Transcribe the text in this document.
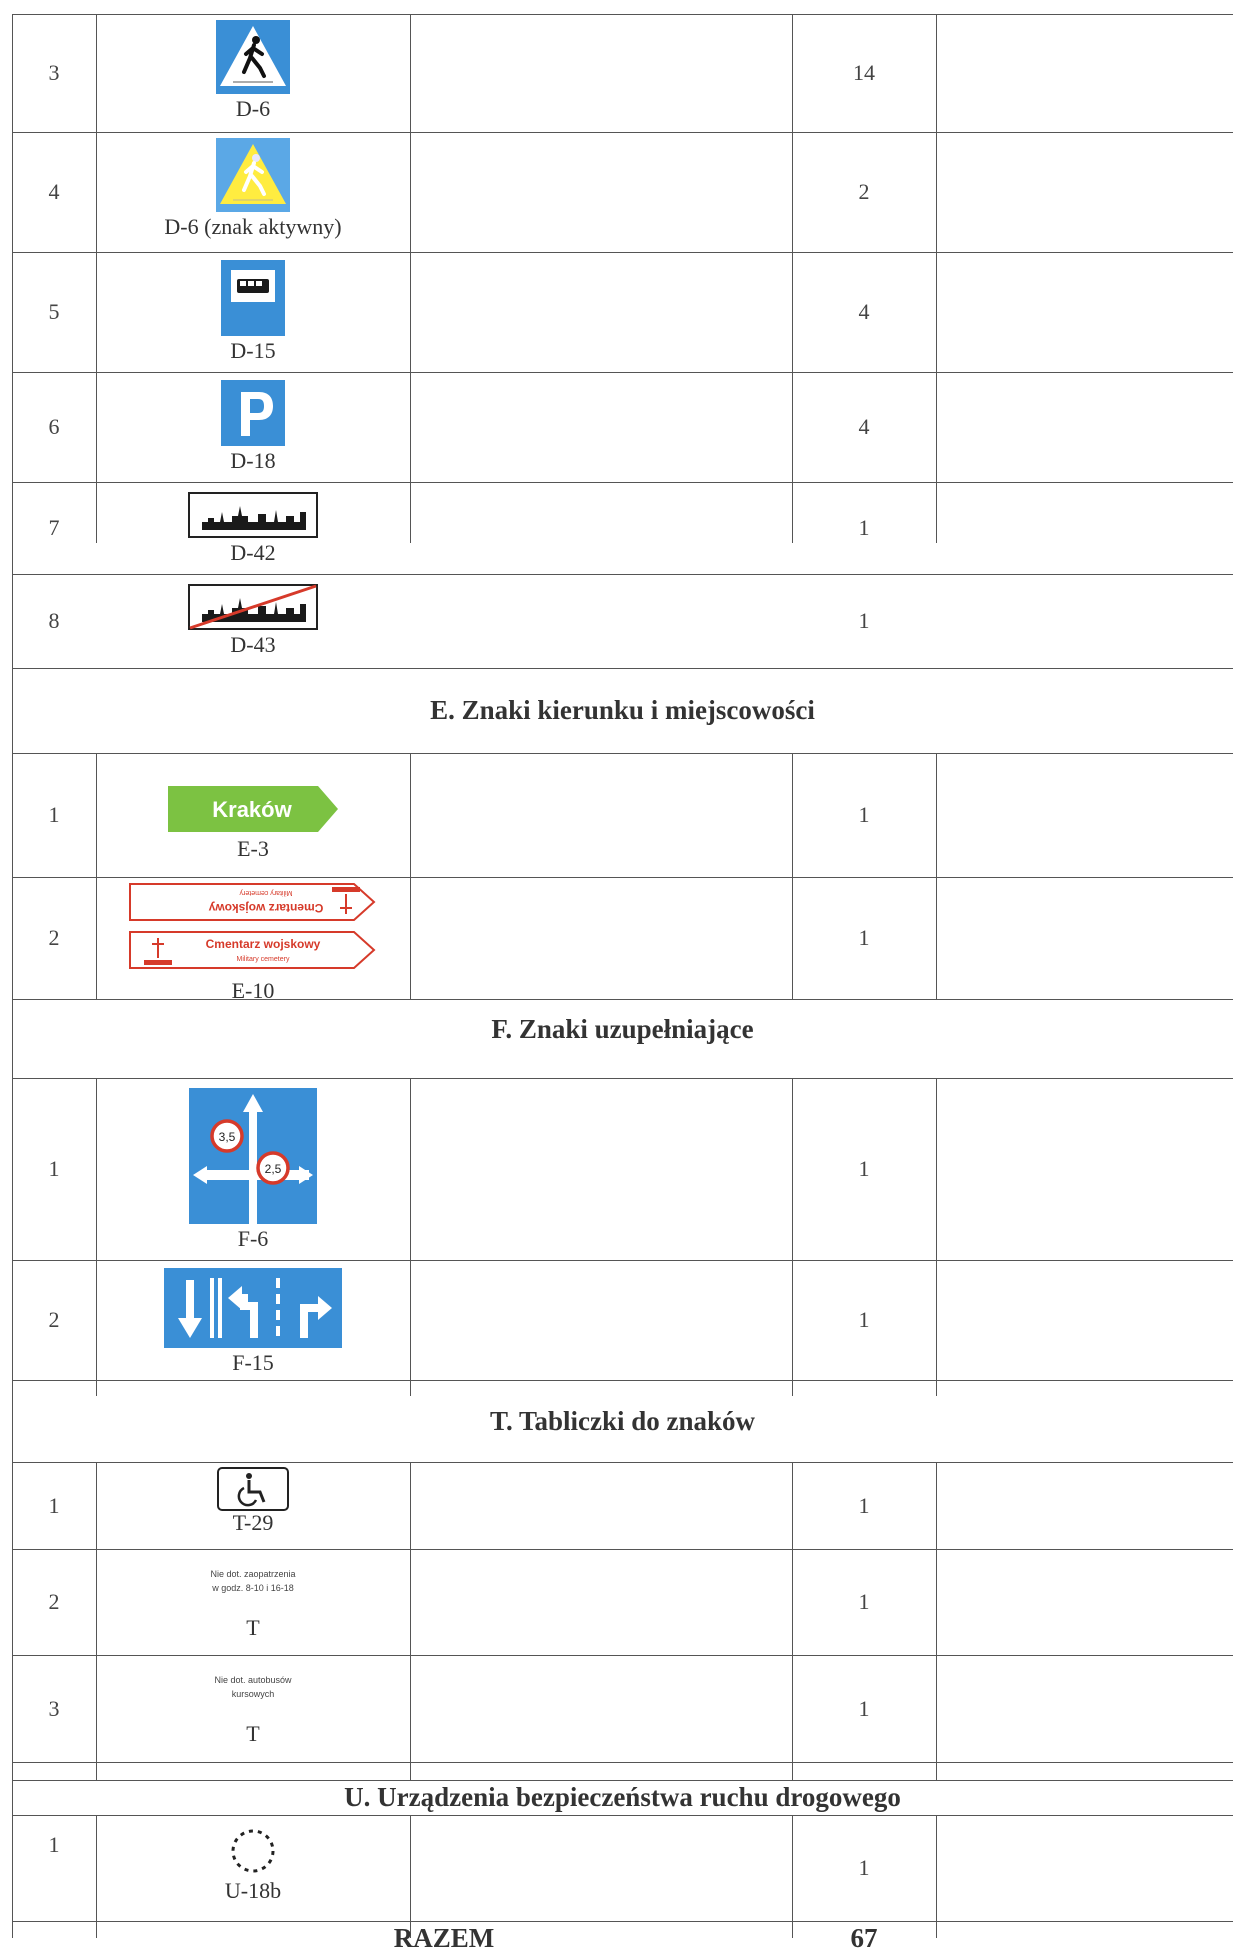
3
D-6
14
4
D-6 (znak aktywny)
2
5
D-15
4
6
D-18
4
7
D-42
1
8
D-43
1
E. Znaki kierunku i miejscowości
1	Kraków
E-3
1
2
Cmentarz wojskowy
Military cemetery
Cmentarz wojskowy
Military cemetery
E-10
1
F. Znaki uzupełniające
1
3,5
2,5
F-6
1
2
F-15
1
T. Tabliczki do znaków
1
T-29
1
2
Nie dot. zaopatrzenia
w godz. 8-10 i 16-18
T
1
3
Nie dot. autobusów
kursowych
T
1
U. Urządzenia bezpieczeństwa ruchu drogowego
1
U-18b
1
RAZEM	67
